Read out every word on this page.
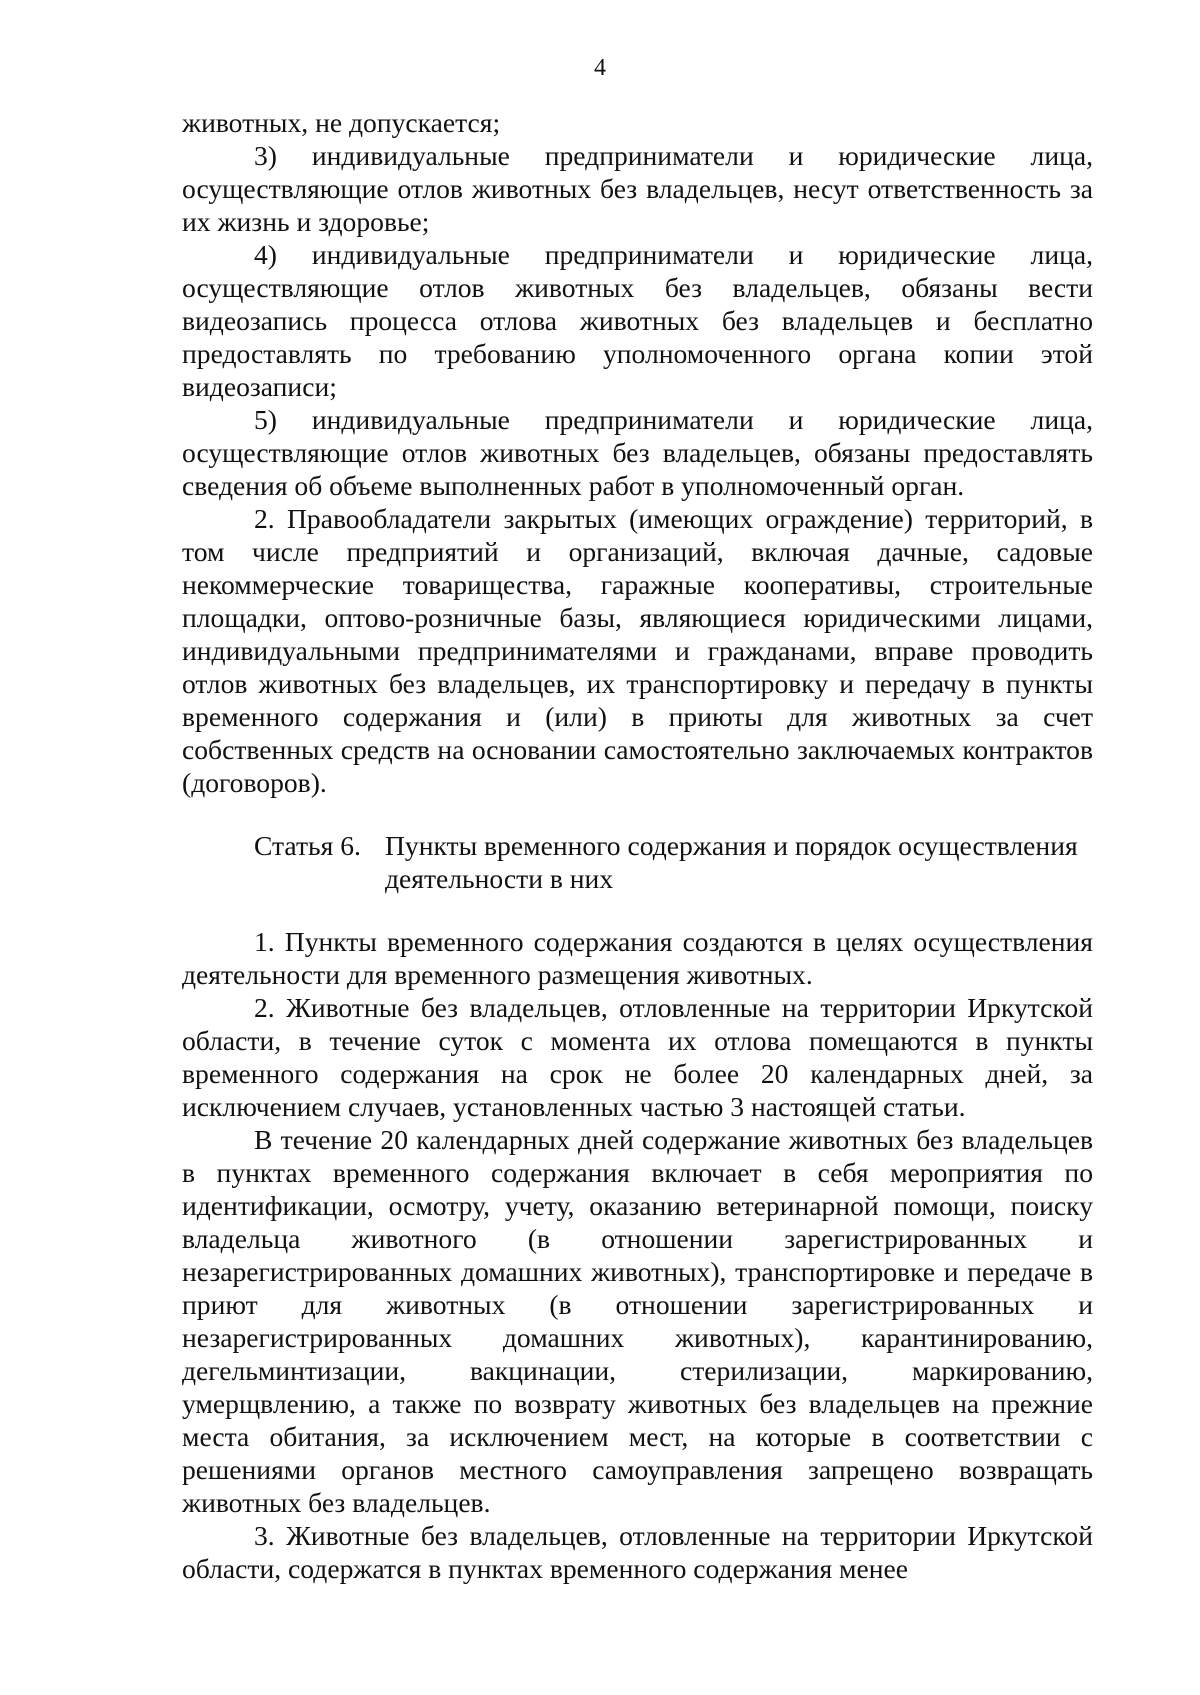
4

животных, не допускается;

3) индивидуальные предприниматели и юридические лица, осуществляющие отлов животных без владельцев, несут ответственность за их жизнь и здоровье;

4) индивидуальные предприниматели и юридические лица, осуществляющие отлов животных без владельцев, обязаны вести видеозапись процесса отлова животных без владельцев и бесплатно предоставлять по требованию уполномоченного органа копии этой видеозаписи;

5) индивидуальные предприниматели и юридические лица, осуществляющие отлов животных без владельцев, обязаны предоставлять сведения об объеме выполненных работ в уполномоченный орган.

2. Правообладатели закрытых (имеющих ограждение) территорий, в том числе предприятий и организаций, включая дачные, садовые некоммерческие товарищества, гаражные кооперативы, строительные площадки, оптово-розничные базы, являющиеся юридическими лицами, индивидуальными предпринимателями и гражданами, вправе проводить отлов животных без владельцев, их транспортировку и передачу в пункты временного содержания и (или) в приюты для животных за счет собственных средств на основании самостоятельно заключаемых контрактов (договоров).

Статья 6. Пункты временного содержания и порядок осуществления деятельности в них

1. Пункты временного содержания создаются в целях осуществления деятельности для временного размещения животных.

2. Животные без владельцев, отловленные на территории Иркутской области, в течение суток с момента их отлова помещаются в пункты временного содержания на срок не более 20 календарных дней, за исключением случаев, установленных частью 3 настоящей статьи.

В течение 20 календарных дней содержание животных без владельцев в пунктах временного содержания включает в себя мероприятия по идентификации, осмотру, учету, оказанию ветеринарной помощи, поиску владельца животного (в отношении зарегистрированных и незарегистрированных домашних животных), транспортировке и передаче в приют для животных (в отношении зарегистрированных и незарегистрированных домашних животных), карантинированию, дегельминтизации, вакцинации, стерилизации, маркированию, умерщвлению, а также по возврату животных без владельцев на прежние места обитания, за исключением мест, на которые в соответствии с решениями органов местного самоуправления запрещено возвращать животных без владельцев.

3. Животные без владельцев, отловленные на территории Иркутской области, содержатся в пунктах временного содержания менее
